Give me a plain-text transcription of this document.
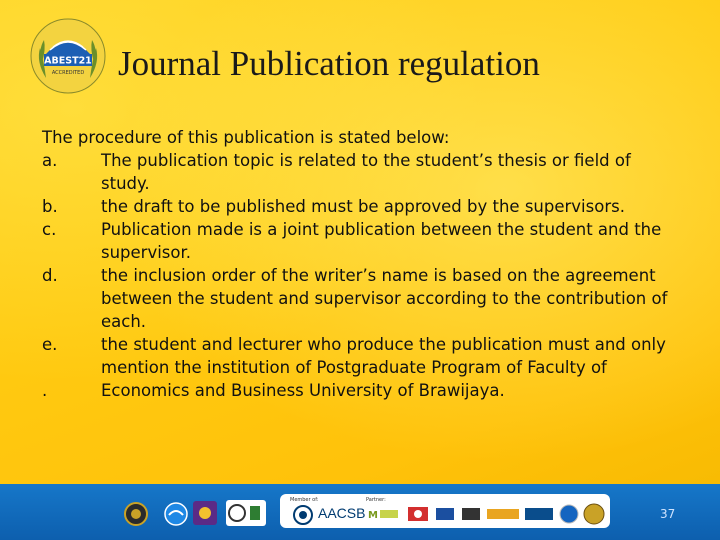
ABEST21
ACCREDITED Journal Publication regulation

The procedure of this publication is stated below:

a.	The publication topic is related to the student’s thesis or field of study.
b.	the draft to be published must be approved by the supervisors.
c.	Publication made is a joint publication between the student and the supervisor.
d.	the inclusion order of the writer’s name is based on the agreement between the student and supervisor according to the contribution of each.
e.	the student and lecturer who produce the publication must and only mention the institution of Postgraduate Program of Faculty of Economics and Business University of Brawijaya.
.
Member of:
AACSB
Partner:
M	37
